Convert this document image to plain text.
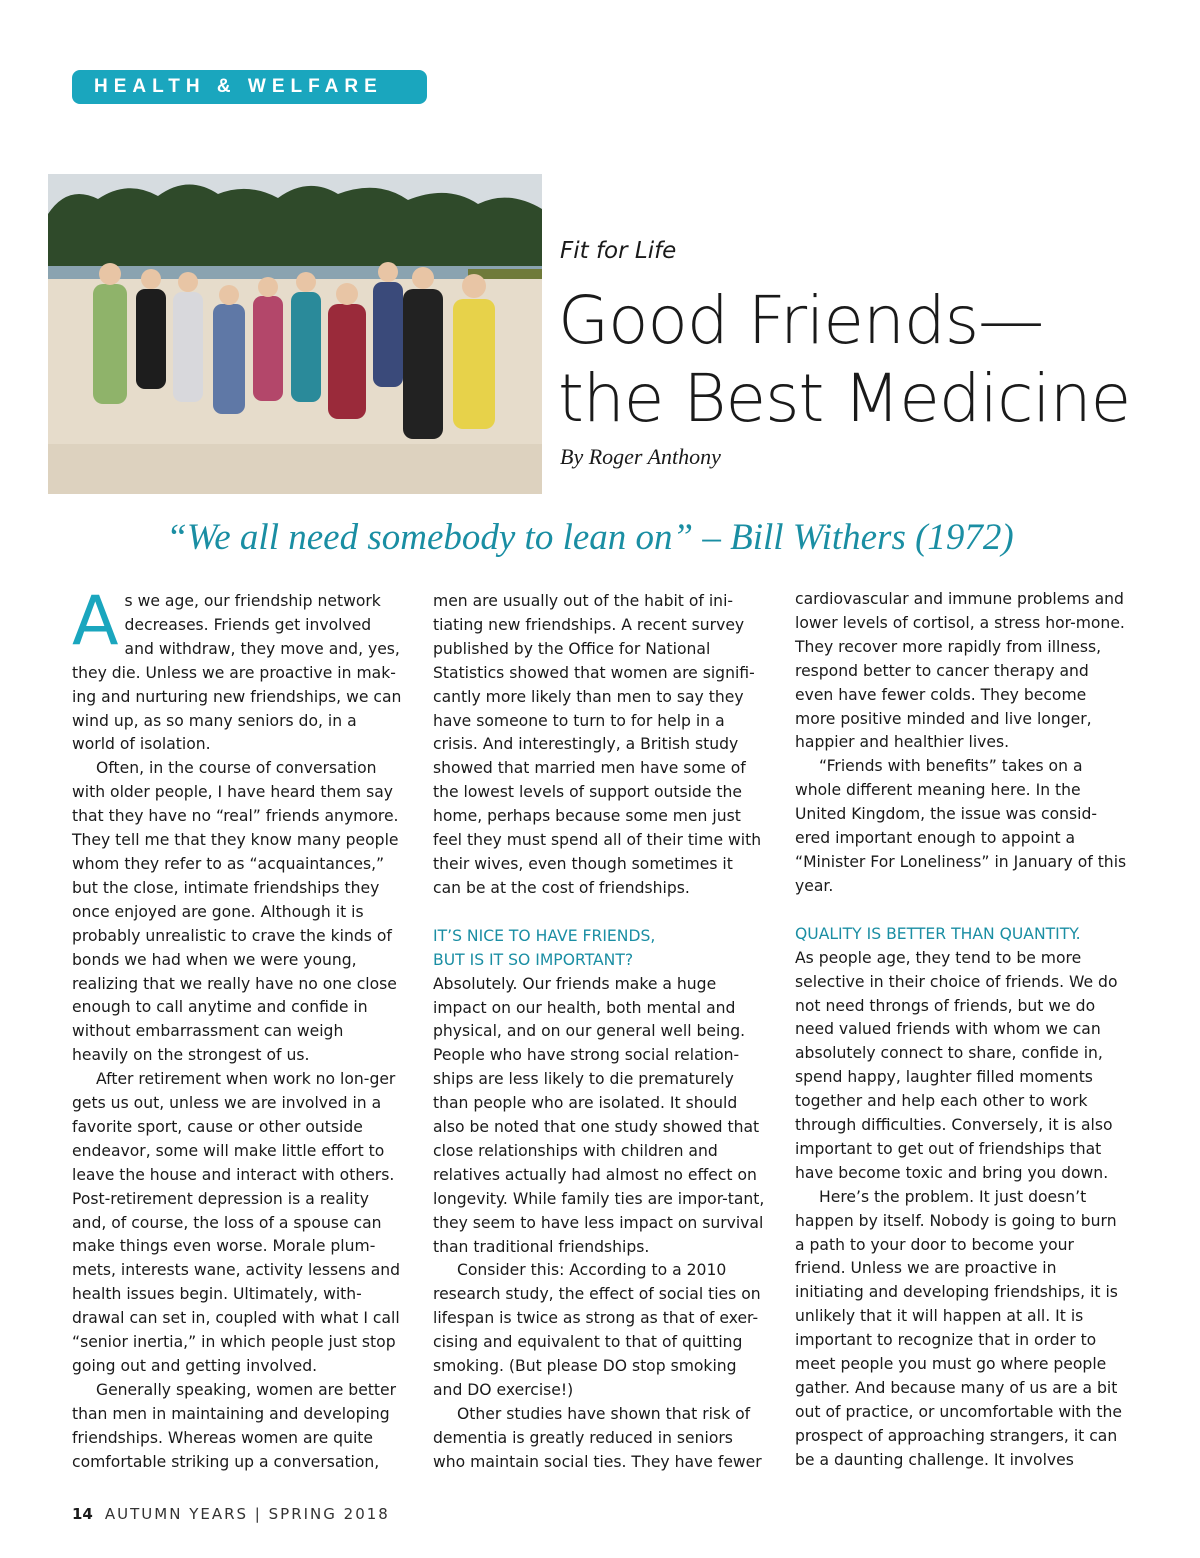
HEALTH & WELFARE
Fit for Life
Good Friends—
the Best Medicine
By Roger Anthony
“We all need somebody to lean on” – Bill Withers (1972)

As we age, our friendship network decreases. Friends get involved and withdraw, they move and, yes, they die. Unless we are proactive in mak-ing and nurturing new friendships, we can wind up, as so many seniors do, in a world of isolation.

Often, in the course of conversation with older people, I have heard them say that they have no “real” friends anymore. They tell me that they know many people whom they refer to as “acquaintances,” but the close, intimate friendships they once enjoyed are gone. Although it is probably unrealistic to crave the kinds of bonds we had when we were young, realizing that we really have no one close enough to call anytime and confide in without embarrassment can weigh heavily on the strongest of us.

After retirement when work no lon-ger gets us out, unless we are involved in a favorite sport, cause or other outside endeavor, some will make little effort to leave the house and interact with others. Post-retirement depression is a reality and, of course, the loss of a spouse can make things even worse. Morale plum-mets, interests wane, activity lessens and health issues begin. Ultimately, with-drawal can set in, coupled with what I call “senior inertia,” in which people just stop going out and getting involved.

Generally speaking, women are better than men in maintaining and developing friendships. Whereas women are quite comfortable striking up a conversation,

men are usually out of the habit of ini-tiating new friendships. A recent survey published by the Office for National Statistics showed that women are signifi-cantly more likely than men to say they have someone to turn to for help in a crisis. And interestingly, a British study showed that married men have some of the lowest levels of support outside the home, perhaps because some men just feel they must spend all of their time with their wives, even though sometimes it can be at the cost of friendships.

IT’S NICE TO HAVE FRIENDS,
BUT IS IT SO IMPORTANT?

Absolutely. Our friends make a huge impact on our health, both mental and physical, and on our general well being. People who have strong social relation-ships are less likely to die prematurely than people who are isolated. It should also be noted that one study showed that close relationships with children and relatives actually had almost no effect on longevity. While family ties are impor-tant, they seem to have less impact on survival than traditional friendships.

Consider this: According to a 2010 research study, the effect of social ties on lifespan is twice as strong as that of exer-cising and equivalent to that of quitting smoking. (But please DO stop smoking and DO exercise!)

Other studies have shown that risk of dementia is greatly reduced in seniors who maintain social ties. They have fewer

cardiovascular and immune problems and lower levels of cortisol, a stress hor-mone. They recover more rapidly from illness, respond better to cancer therapy and even have fewer colds. They become more positive minded and live longer, happier and healthier lives.

“Friends with benefits” takes on a whole different meaning here. In the United Kingdom, the issue was consid-ered important enough to appoint a “Minister For Loneliness” in January of this year.

QUALITY IS BETTER THAN QUANTITY.

As people age, they tend to be more selective in their choice of friends. We do not need throngs of friends, but we do need valued friends with whom we can absolutely connect to share, confide in, spend happy, laughter filled moments together and help each other to work through difficulties. Conversely, it is also important to get out of friendships that have become toxic and bring you down.

Here’s the problem. It just doesn’t happen by itself. Nobody is going to burn a path to your door to become your friend. Unless we are proactive in initiating and developing friendships, it is unlikely that it will happen at all. It is important to recognize that in order to meet people you must go where people gather. And because many of us are a bit out of practice, or uncomfortable with the prospect of approaching strangers, it can be a daunting challenge. It involves

14 AUTUMN YEARS | SPRING 2018
